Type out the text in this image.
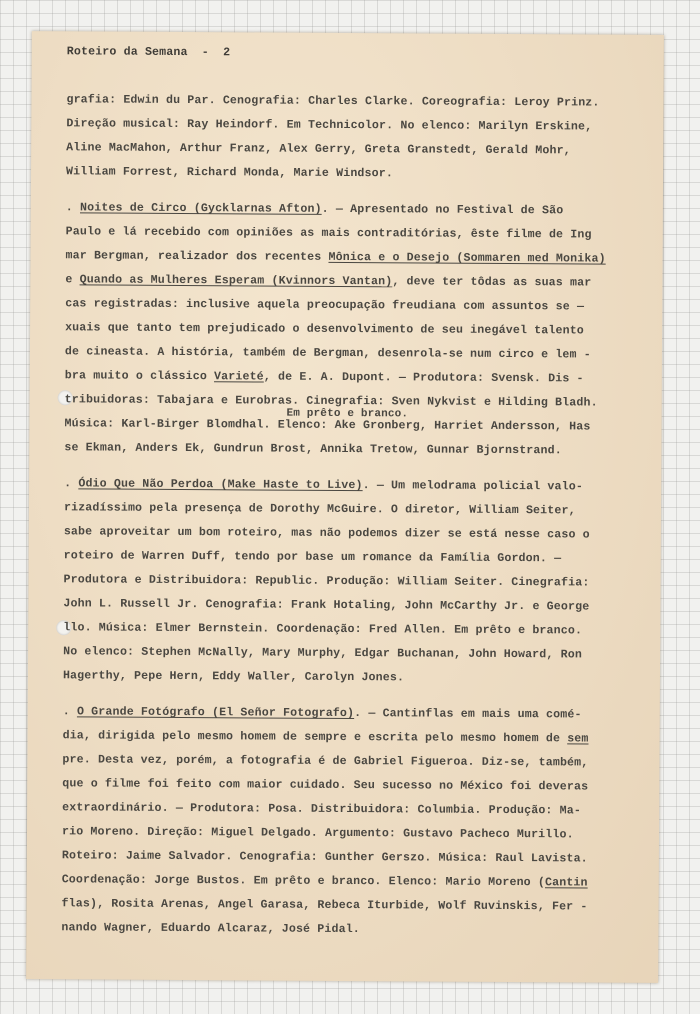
Roteiro da Semana  -  2
grafia: Edwin du Par. Cenografia: Charles Clarke. Coreografia: Leroy Prinz.
Direção musical: Ray Heindorf. Em Technicolor. No elenco: Marilyn Erskine,
Aline MacMahon, Arthur Franz, Alex Gerry, Greta Granstedt, Gerald Mohr,
William Forrest, Richard Monda, Marie Windsor.
. Noites de Circo (Gycklarnas Afton). — Apresentado no Festival de São
Paulo e lá recebido com opiniões as mais contraditórias, êste filme de Ing
mar Bergman, realizador dos recentes Mônica e o Desejo (Sommaren med Monika)
e Quando as Mulheres Esperam (Kvinnors Vantan), deve ter tôdas as suas mar
cas registradas: inclusive aquela preocupação freudiana com assuntos se —
xuais que tanto tem prejudicado o desenvolvimento de seu inegável talento
de cineasta. A história, também de Bergman, desenrola-se num circo e lem -
bra muito o clássico Varieté, de E. A. Dupont. — Produtora: Svensk. Dis -
tribuidoras: Tabajara e Eurobras. Cinegrafia: Sven Nykvist e Hilding Bladh.
Em prêto e branco.
Música: Karl-Birger Blomdhal. Elenco: Ake Gronberg, Harriet Andersson, Has
se Ekman, Anders Ek, Gundrun Brost, Annika Tretow, Gunnar Bjornstrand.
. Ódio Que Não Perdoa (Make Haste to Live). — Um melodrama policial valo-
rizadíssimo pela presença de Dorothy McGuire. O diretor, William Seiter,
sabe aproveitar um bom roteiro, mas não podemos dizer se está nesse caso o
roteiro de Warren Duff, tendo por base um romance da Família Gordon. —
Produtora e Distribuidora: Republic. Produção: William Seiter. Cinegrafia:
John L. Russell Jr. Cenografia: Frank Hotaling, John McCarthy Jr. e George
llo. Música: Elmer Bernstein. Coordenação: Fred Allen. Em prêto e branco.
No elenco: Stephen McNally, Mary Murphy, Edgar Buchanan, John Howard, Ron
Hagerthy, Pepe Hern, Eddy Waller, Carolyn Jones.
. O Grande Fotógrafo (El Señor Fotografo). — Cantinflas em mais uma comé-
dia, dirigida pelo mesmo homem de sempre e escrita pelo mesmo homem de sem
pre. Desta vez, porém, a fotografia é de Gabriel Figueroa. Diz-se, também,
que o filme foi feito com maior cuidado. Seu sucesso no México foi deveras
extraordinário. — Produtora: Posa. Distribuidora: Columbia. Produção: Ma-
rio Moreno. Direção: Miguel Delgado. Argumento: Gustavo Pacheco Murillo.
Roteiro: Jaime Salvador. Cenografia: Gunther Gerszo. Música: Raul Lavista.
Coordenação: Jorge Bustos. Em prêto e branco. Elenco: Mario Moreno (Cantin
flas), Rosita Arenas, Angel Garasa, Rebeca Iturbide, Wolf Ruvinskis, Fer -
nando Wagner, Eduardo Alcaraz, José Pidal.
